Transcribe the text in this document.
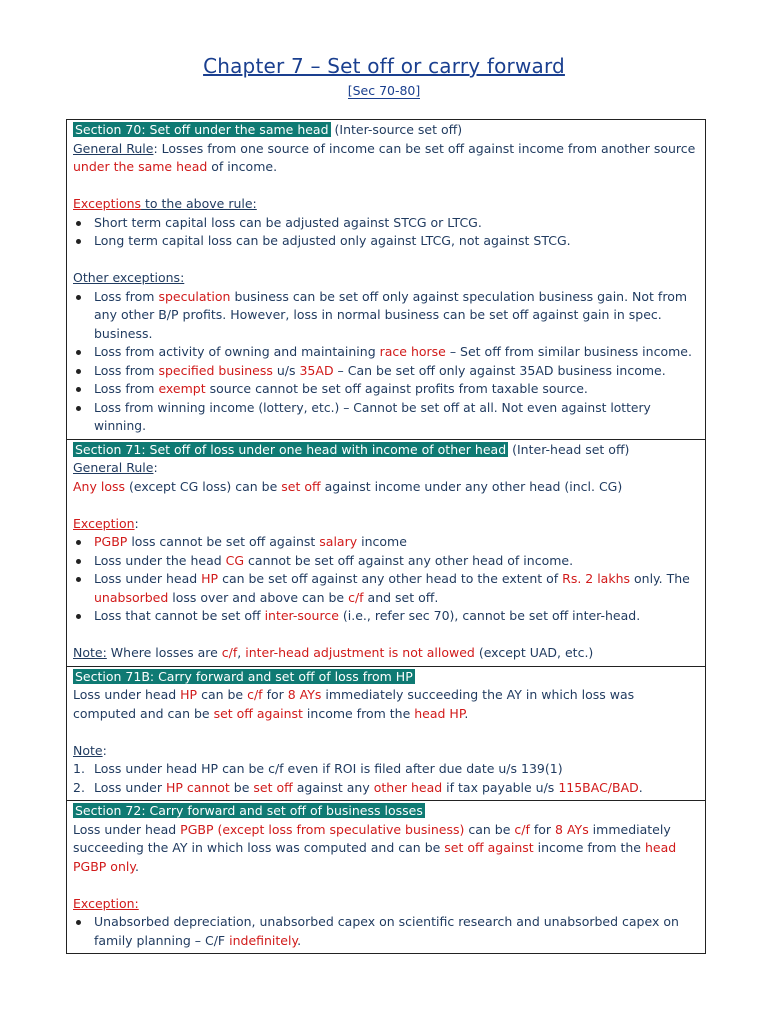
Chapter 7 – Set off or carry forward
[Sec 70-80]
Section 70: Set off under the same head (Inter-source set off)
General Rule: Losses from one source of income can be set off against income from another source
under the same head of income.
Exceptions to the above rule:
Short term capital loss can be adjusted against STCG or LTCG.
Long term capital loss can be adjusted only against LTCG, not against STCG.
Other exceptions:
Loss from speculation business can be set off only against speculation business gain. Not from any other B/P profits. However, loss in normal business can be set off against gain in spec. business.
Loss from activity of owning and maintaining race horse – Set off from similar business income.
Loss from specified business u/s 35AD – Can be set off only against 35AD business income.
Loss from exempt source cannot be set off against profits from taxable source.
Loss from winning income (lottery, etc.) – Cannot be set off at all. Not even against lottery winning.
Section 71: Set off of loss under one head with income of other head (Inter-head set off)
General Rule:
Any loss (except CG loss) can be set off against income under any other head (incl. CG)
Exception:
PGBP loss cannot be set off against salary income
Loss under the head CG cannot be set off against any other head of income.
Loss under head HP can be set off against any other head to the extent of Rs. 2 lakhs only. The unabsorbed loss over and above can be c/f and set off.
Loss that cannot be set off inter-source (i.e., refer sec 70), cannot be set off inter-head.
Note: Where losses are c/f, inter-head adjustment is not allowed (except UAD, etc.)
Section 71B: Carry forward and set off of loss from HP
Loss under head HP can be c/f for 8 AYs immediately succeeding the AY in which loss was computed and can be set off against income from the head HP.
Note:
1. Loss under head HP can be c/f even if ROI is filed after due date u/s 139(1)
2. Loss under HP cannot be set off against any other head if tax payable u/s 115BAC/BAD.
Section 72: Carry forward and set off of business losses
Loss under head PGBP (except loss from speculative business) can be c/f for 8 AYs immediately succeeding the AY in which loss was computed and can be set off against income from the head PGBP only.
Exception:
Unabsorbed depreciation, unabsorbed capex on scientific research and unabsorbed capex on family planning – C/F indefinitely.
